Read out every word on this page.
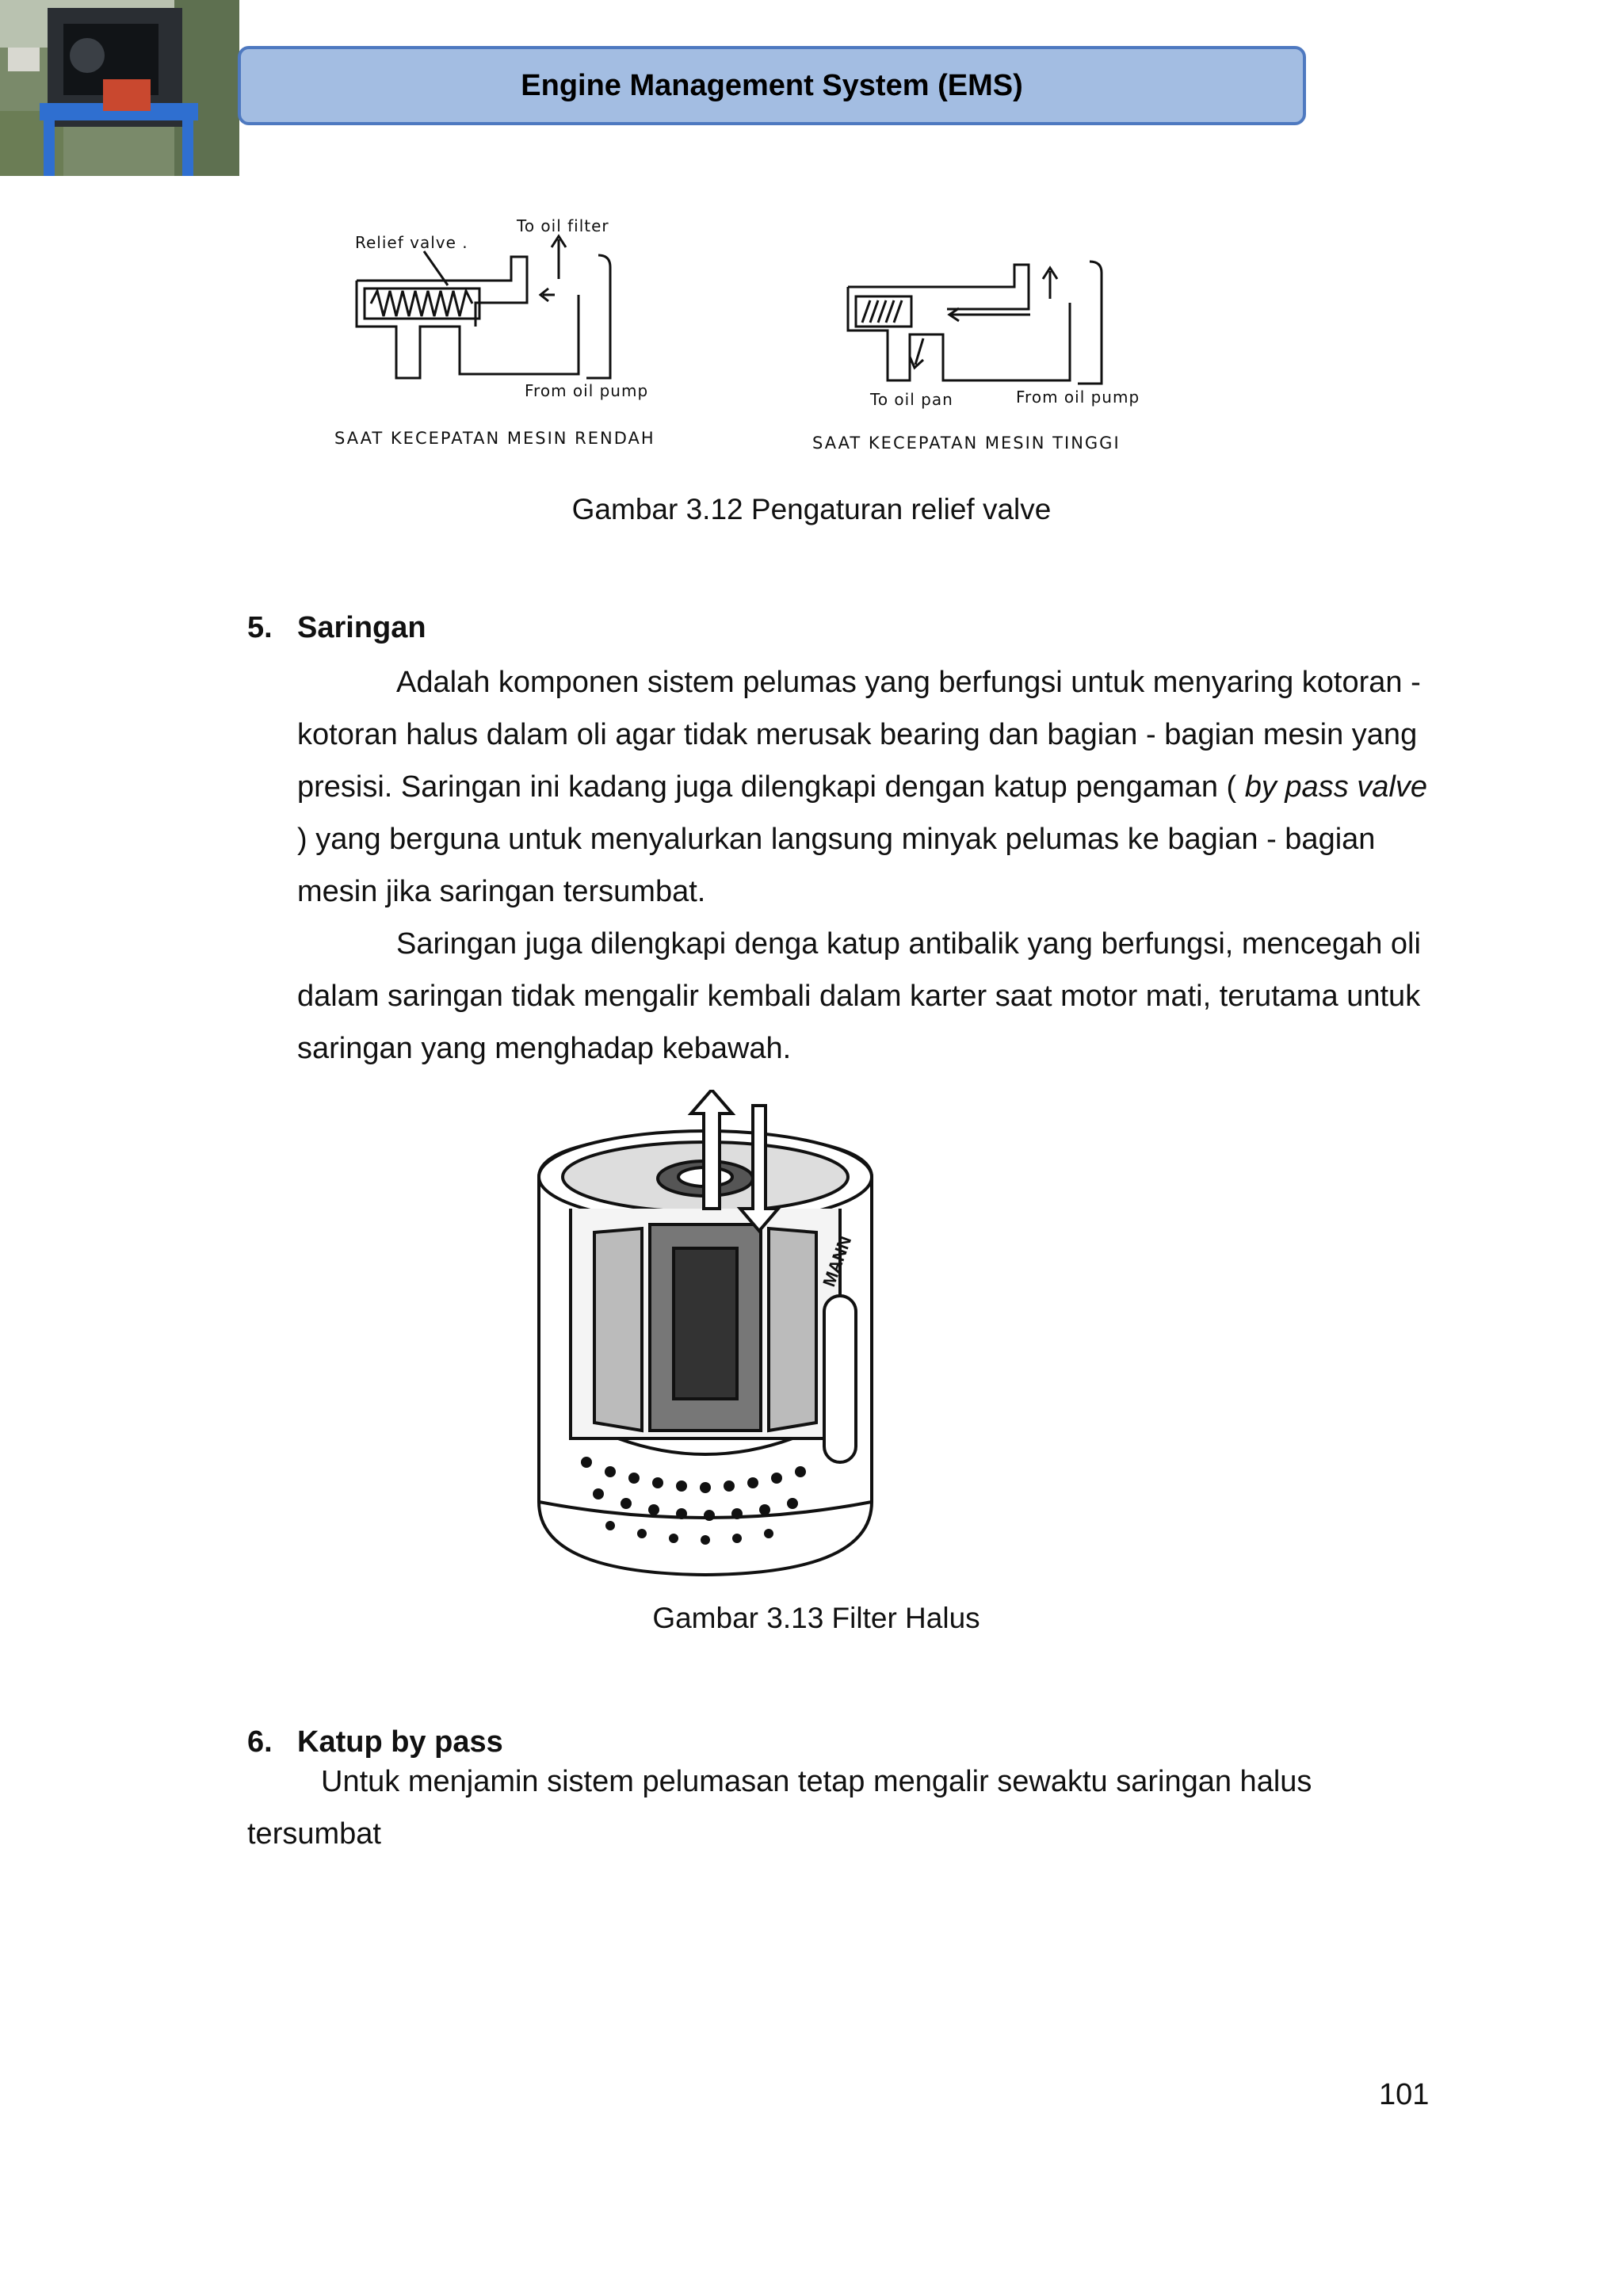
Engine Management System (EMS)
Relief valve .
To oil filter
From oil pump
SAAT KECEPATAN MESIN RENDAH
To oil pan	From oil pump
SAAT KECEPATAN MESIN TINGGI
Gambar 3.12 Pengaturan relief valve
5. Saringan
Adalah komponen sistem pelumas yang berfungsi untuk menyaring kotoran - kotoran halus dalam oli agar tidak merusak bearing dan bagian - bagian mesin yang presisi. Saringan ini kadang juga dilengkapi dengan katup pengaman ( by pass valve ) yang berguna untuk menyalurkan langsung minyak pelumas ke bagian - bagian mesin jika saringan tersumbat.
Saringan juga dilengkapi denga katup antibalik yang berfungsi, mencegah oli dalam saringan tidak mengalir kembali dalam karter saat motor mati, terutama untuk saringan yang menghadap kebawah.
MANN
Gambar 3.13 Filter Halus
6. Katup by pass
Untuk menjamin sistem pelumasan tetap mengalir sewaktu saringan halus
tersumbat
101
